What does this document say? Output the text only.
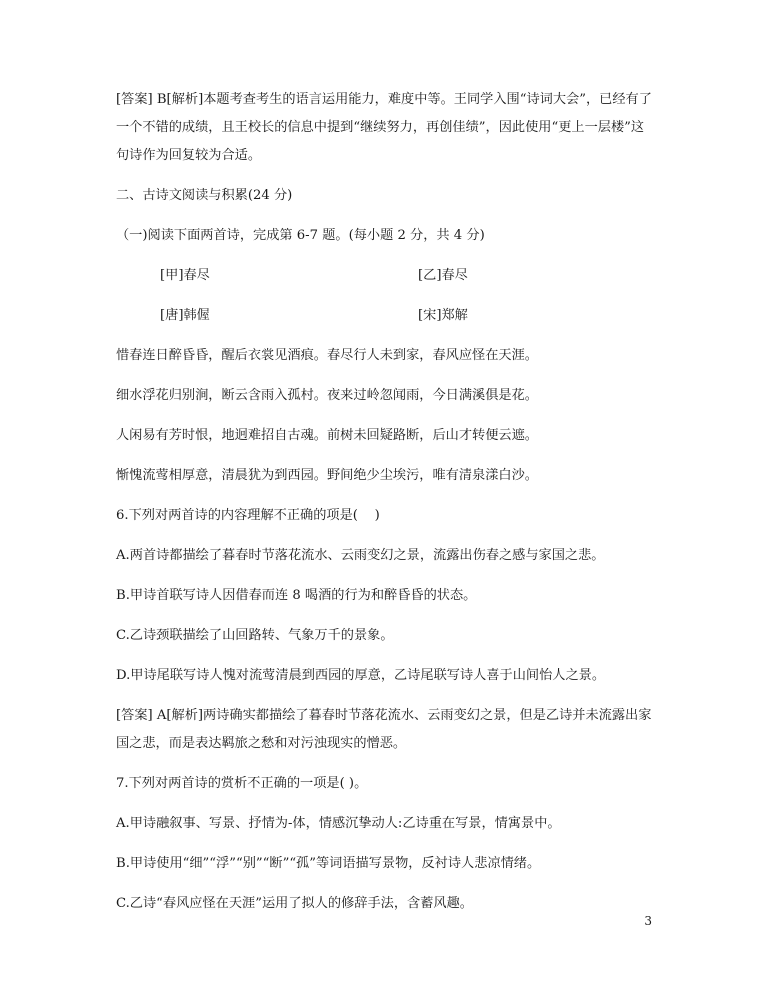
[答案] B[解析]本题考查考生的语言运用能力，难度中等。王同学入围“诗词大会”，已经有了一个不错的成绩，且王校长的信息中提到“继续努力，再创佳绩”，因此使用“更上一层楼”这句诗作为回复较为合适。

二、古诗文阅读与积累(24 分)

（一)阅读下面两首诗，完成第 6-7 题。(每小题 2 分，共 4 分)

[甲]春尽	[乙]春尽
[唐]韩偓	[宋]郑解

惜春连日醉昏昏，醒后衣裳见酒痕。春尽行人未到家，春风应怪在天涯。

细水浮花归别涧，断云含雨入孤村。夜来过岭忽闻雨，今日满溪俱是花。

人闲易有芳时恨，地迥难招自古魂。前树未回疑路断，后山才转便云遮。

惭愧流莺相厚意，清晨犹为到西园。野间绝少尘埃污，唯有清泉漾白沙。

6.下列对两首诗的内容理解不正确的项是(    )

A.两首诗都描绘了暮春时节落花流水、云雨变幻之景，流露出伤春之感与家国之悲。

B.甲诗首联写诗人因借春而连 8 喝酒的行为和醉昏昏的状态。

C.乙诗颈联描绘了山回路转、气象万千的景象。

D.甲诗尾联写诗人愧对流莺清晨到西园的厚意，乙诗尾联写诗人喜于山间怡人之景。

[答案] A[解析]两诗确实都描绘了暮春时节落花流水、云雨变幻之景，但是乙诗并未流露出家国之悲，而是表达羁旅之愁和对污浊现实的憎恶。

7.下列对两首诗的赏析不正确的一项是( )。

A.甲诗融叙事、写景、抒情为-体，情感沉挚动人:乙诗重在写景，情寓景中。

B.甲诗使用“细”“浮”“别”“断”“孤”等词语描写景物，反衬诗人悲凉情绪。

C.乙诗“春风应怪在天涯”运用了拟人的修辞手法，含蓄风趣。

3
